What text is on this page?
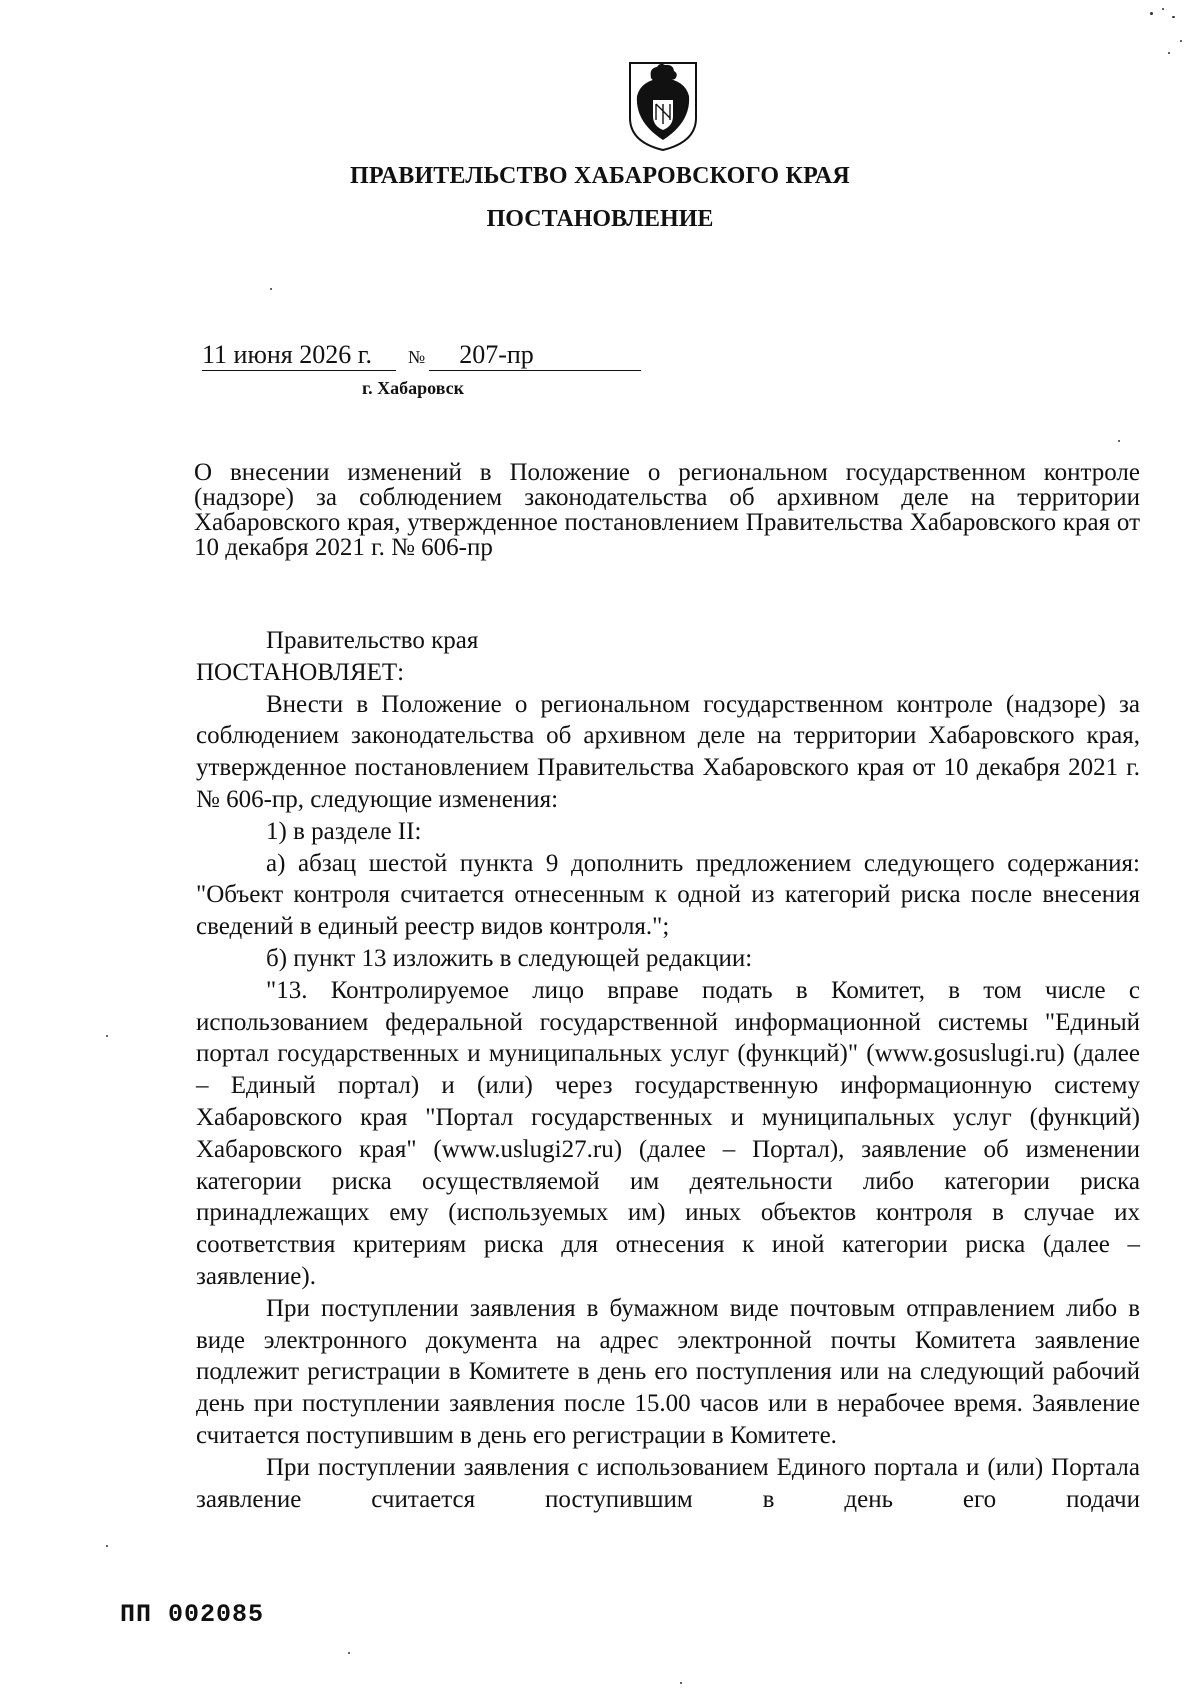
ПРАВИТЕЛЬСТВО ХАБАРОВСКОГО КРАЯ
ПОСТАНОВЛЕНИЕ
11 июня 2026 г. № 207-пр
г. Хабаровск
О внесении изменений в Положение о региональном государственном контроле (надзоре) за соблюдением законодательства об архивном деле на территории Хабаровского края, утвержденное постановлением Правительства Хабаровского края от 10 декабря 2021 г. № 606-пр

Правительство края

ПОСТАНОВЛЯЕТ:

Внести в Положение о региональном государственном контроле (надзоре) за соблюдением законодательства об архивном деле на территории Хабаровского края, утвержденное постановлением Правительства Хабаровского края от 10 декабря 2021 г. № 606-пр, следующие изменения:

1) в разделе II:

а) абзац шестой пункта 9 дополнить предложением следующего содержания: "Объект контроля считается отнесенным к одной из категорий риска после внесения сведений в единый реестр видов контроля.";

б) пункт 13 изложить в следующей редакции:

"13. Контролируемое лицо вправе подать в Комитет, в том числе с использованием федеральной государственной информационной системы "Единый портал государственных и муниципальных услуг (функций)" (www.gosuslugi.ru) (далее – Единый портал) и (или) через государственную информационную систему Хабаровского края "Портал государственных и муниципальных услуг (функций) Хабаровского края" (www.uslugi27.ru) (далее – Портал), заявление об изменении категории риска осуществляемой им деятельности либо категории риска принадлежащих ему (используемых им) иных объектов контроля в случае их соответствия критериям риска для отнесения к иной категории риска (далее – заявление).

При поступлении заявления в бумажном виде почтовым отправлением либо в виде электронного документа на адрес электронной почты Комитета заявление подлежит регистрации в Комитете в день его поступления или на следующий рабочий день при поступлении заявления после 15.00 часов или в нерабочее время. Заявление считается поступившим в день его регистрации в Комитете.

При поступлении заявления с использованием Единого портала и (или) Портала заявление считается поступившим в день его подачи

ПП 002085
